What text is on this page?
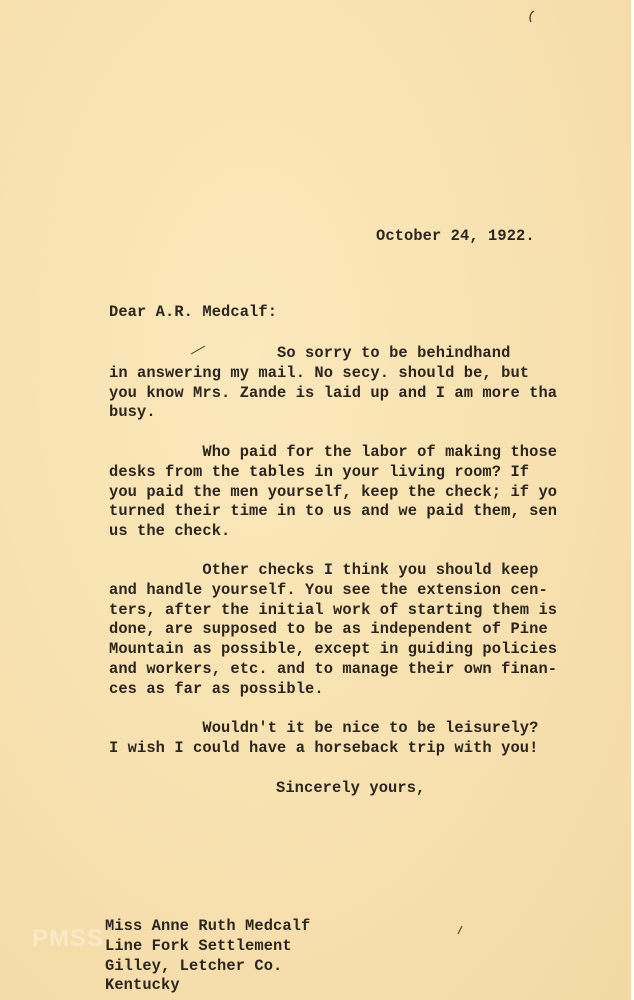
PMSS
October 24, 1922.
Dear A.R. Medcalf:
So sorry to be behindhand
in answering my mail. No secy. should be, but
you know Mrs. Zande is laid up and I am more tha
busy.
Who paid for the labor of making those
desks from the tables in your living room? If
you paid the men yourself, keep the check; if yo
turned their time in to us and we paid them, sen
us the check.
Other checks I think you should keep
and handle yourself. You see the extension cen-
ters, after the initial work of starting them is
done, are supposed to be as independent of Pine
Mountain as possible, except in guiding policies
and workers, etc. and to manage their own finan-
ces as far as possible.
Wouldn't it be nice to be leisurely?
I wish I could have a horseback trip with you!
Sincerely yours,
Miss Anne Ruth Medcalf
Line Fork Settlement
Gilley, Letcher Co.
Kentucky
